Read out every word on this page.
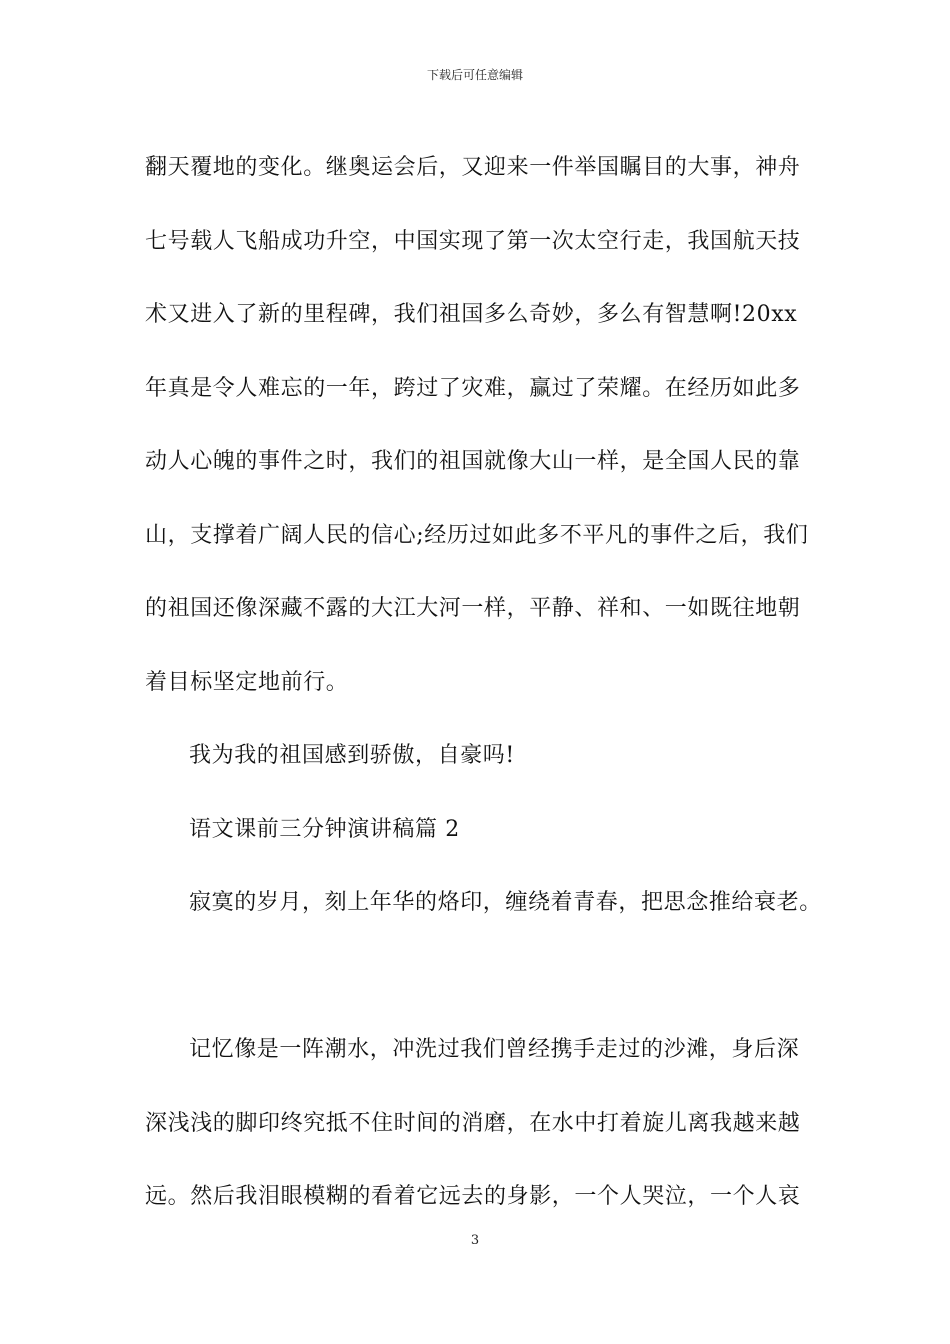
下载后可任意编辑
翻天覆地的变化。继奥运会后，又迎来一件举国瞩目的大事，神舟
七号载人飞船成功升空，中国实现了第一次太空行走，我国航天技
术又进入了新的里程碑，我们祖国多么奇妙，多么有智慧啊!20xx
年真是令人难忘的一年，跨过了灾难，赢过了荣耀。在经历如此多
动人心魄的事件之时，我们的祖国就像大山一样，是全国人民的靠
山，支撑着广阔人民的信心;经历过如此多不平凡的事件之后，我们
的祖国还像深藏不露的大江大河一样，平静、祥和、一如既往地朝
着目标坚定地前行。
我为我的祖国感到骄傲，自豪吗!
语文课前三分钟演讲稿篇 2
寂寞的岁月，刻上年华的烙印，缠绕着青春，把思念推给衰老。
记忆像是一阵潮水，冲洗过我们曾经携手走过的沙滩，身后深
深浅浅的脚印终究抵不住时间的消磨，在水中打着旋儿离我越来越
远。然后我泪眼模糊的看着它远去的身影，一个人哭泣，一个人哀
3
